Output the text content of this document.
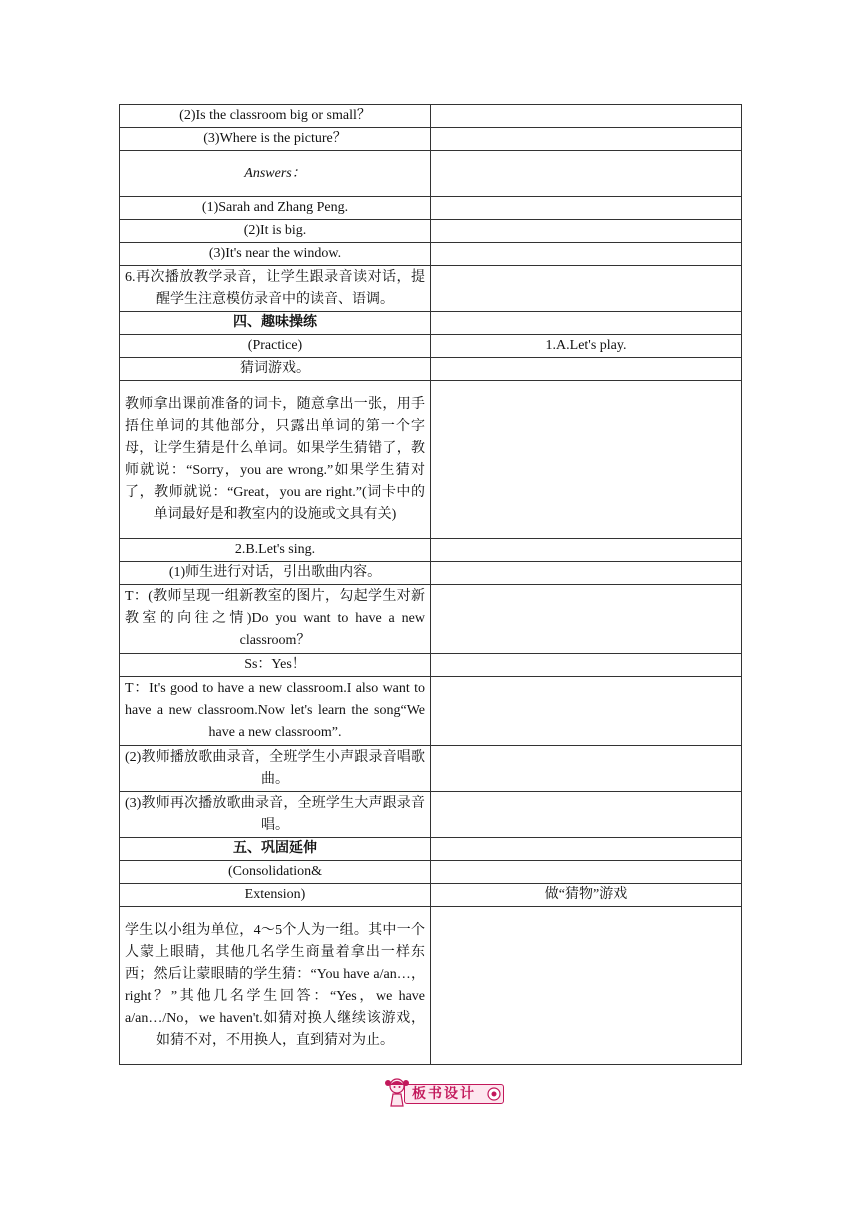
(2)Is the classroom big or small？	
(3)Where is the picture？	
Answers：	
(1)Sarah and Zhang Peng.	
(2)It is big.	
(3)It's near the window.	
6.再次播放教学录音，让学生跟录音读对话，提醒学生注意模仿录音中的读音、语调。	
四、趣味操练	
(Practice)	1.A.Let's play.
猜词游戏。	
教师拿出课前准备的词卡，随意拿出一张，用手捂住单词的其他部分，只露出单词的第一个字母，让学生猜是什么单词。如果学生猜错了，教师就说：“Sorry，you are wrong.”如果学生猜对了，教师就说：“Great，you are right.”(词卡中的单词最好是和教室内的设施或文具有关)	
2.B.Let's sing.	
(1)师生进行对话，引出歌曲内容。	
T：(教师呈现一组新教室的图片，勾起学生对新教室的向往之情)Do you want to have a new classroom？	
Ss：Yes！	
T：It's good to have a new classroom.I also want to have a new classroom.Now let's learn the song“We have a new classroom”.	
(2)教师播放歌曲录音，全班学生小声跟录音唱歌曲。	
(3)教师再次播放歌曲录音，全班学生大声跟录音唱。	
五、巩固延伸	
(Consolidation&	
Extension)	做“猜物”游戏
学生以小组为单位，4～5个人为一组。其中一个人蒙上眼睛，其他几名学生商量着拿出一样东西；然后让蒙眼睛的学生猜：“You have a/an…，right？”其他几名学生回答：“Yes，we have a/an…/No，we haven't.如猜对换人继续该游戏，如猜不对，不用换人，直到猜对为止。	
板书设计
